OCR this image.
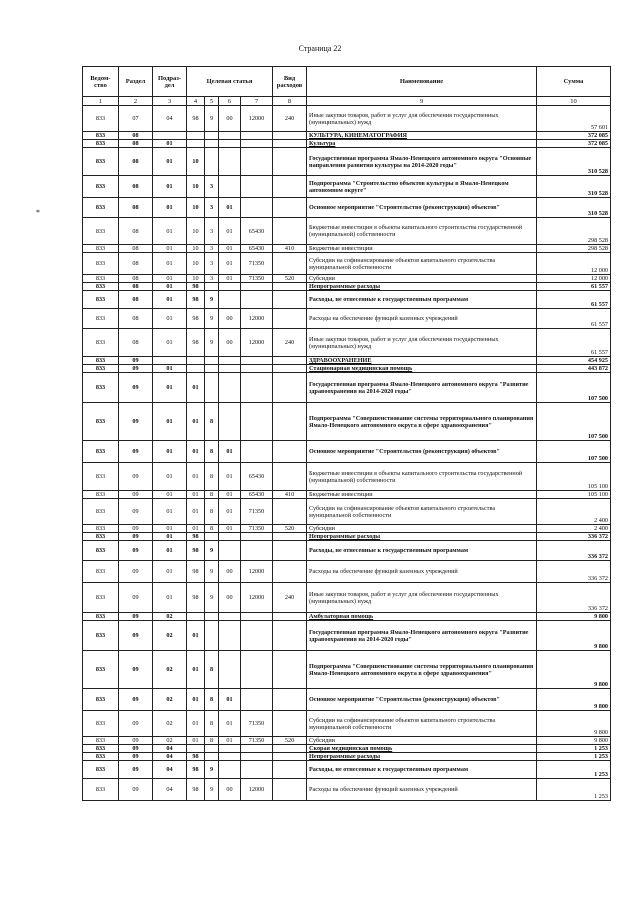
Страница 22
*
Ведом-ство	Раздел	Подраз-дел	Целевая статья				Вид расходов	Наименование	Сумма
1	2	3	4	5	6	7	8	9	10
833	07	04	98	9	00	12000	240	Иные закупки товаров, работ и услуг для обеспечения государственных (муниципальных) нужд	57 601
833	08							КУЛЬТУРА, КИНЕМАТОГРАФИЯ	372 085
833	08	01						Культура	372 085
833	08	01	10					Государственная программа Ямало-Ненецкого автономного округа "Основные направления развития культуры на 2014-2020 годы"	310 528
833	08	01	10	3				Подпрограмма "Строительство объектов культуры в Ямало-Ненецком автономном округе"	310 528
833	08	01	10	3	01			Основное мероприятие "Строительство (реконструкция) объектов"	310 528
833	08	01	10	3	01	65430		Бюджетные инвестиции в объекты капитального строительства государственной (муниципальной) собственности	298 528
833	08	01	10	3	01	65430	410	Бюджетные инвестиции	298 528
833	08	01	10	3	01	71350		Субсидии на софинансирование объектов капитального строительства муниципальной собственности	12 000
833	08	01	10	3	01	71350	520	Субсидии	12 000
833	08	01	98					Непрограммные расходы	61 557
833	08	01	98	9				Расходы, не отнесенные к государственным программам	61 557
833	08	01	98	9	00	12000		Расходы на обеспечение функций казенных учреждений	61 557
833	08	01	98	9	00	12000	240	Иные закупки товаров, работ и услуг для обеспечения государственных (муниципальных) нужд	61 557
833	09							ЗДРАВООХРАНЕНИЕ	454 925
833	09	01						Стационарная медицинская помощь	443 872
833	09	01	01					Государственная программа Ямало-Ненецкого автономного округа "Развитие здравоохранения на 2014-2020 годы"	107 500
833	09	01	01	8				Подпрограмма "Совершенствование системы территориального планирования Ямало-Ненецкого автономного округа в сфере здравоохранения"	107 500
833	09	01	01	8	01			Основное мероприятие "Строительство (реконструкция) объектов"	107 500
833	09	01	01	8	01	65430		Бюджетные инвестиции в объекты капитального строительства государственной (муниципальной) собственности	105 100
833	09	01	01	8	01	65430	410	Бюджетные инвестиции	105 100
833	09	01	01	8	01	71350		Субсидии на софинансирование объектов капитального строительства муниципальной собственности	2 400
833	09	01	01	8	01	71350	520	Субсидии	2 400
833	09	01	98					Непрограммные расходы	336 372
833	09	01	98	9				Расходы, не отнесенные к государственным программам	336 372
833	09	01	98	9	00	12000		Расходы на обеспечение функций казенных учреждений	336 372
833	09	01	98	9	00	12000	240	Иные закупки товаров, работ и услуг для обеспечения государственных (муниципальных) нужд	336 372
833	09	02						Амбулаторная помощь	9 800
833	09	02	01					Государственная программа Ямало-Ненецкого автономного округа "Развитие здравоохранения на 2014-2020 годы"	9 800
833	09	02	01	8				Подпрограмма "Совершенствование системы территориального планирования Ямало-Ненецкого автономного округа в сфере здравоохранения"	9 800
833	09	02	01	8	01			Основное мероприятие "Строительство (реконструкция) объектов"	9 800
833	09	02	01	8	01	71350		Субсидии на софинансирование объектов капитального строительства муниципальной собственности	9 800
833	09	02	01	8	01	71350	520	Субсидии	9 800
833	09	04						Скорая медицинская помощь	1 253
833	09	04	98					Непрограммные расходы	1 253
833	09	04	98	9				Расходы, не отнесенные к государственным программам	1 253
833	09	04	98	9	00	12000		Расходы на обеспечение функций казенных учреждений	1 253
